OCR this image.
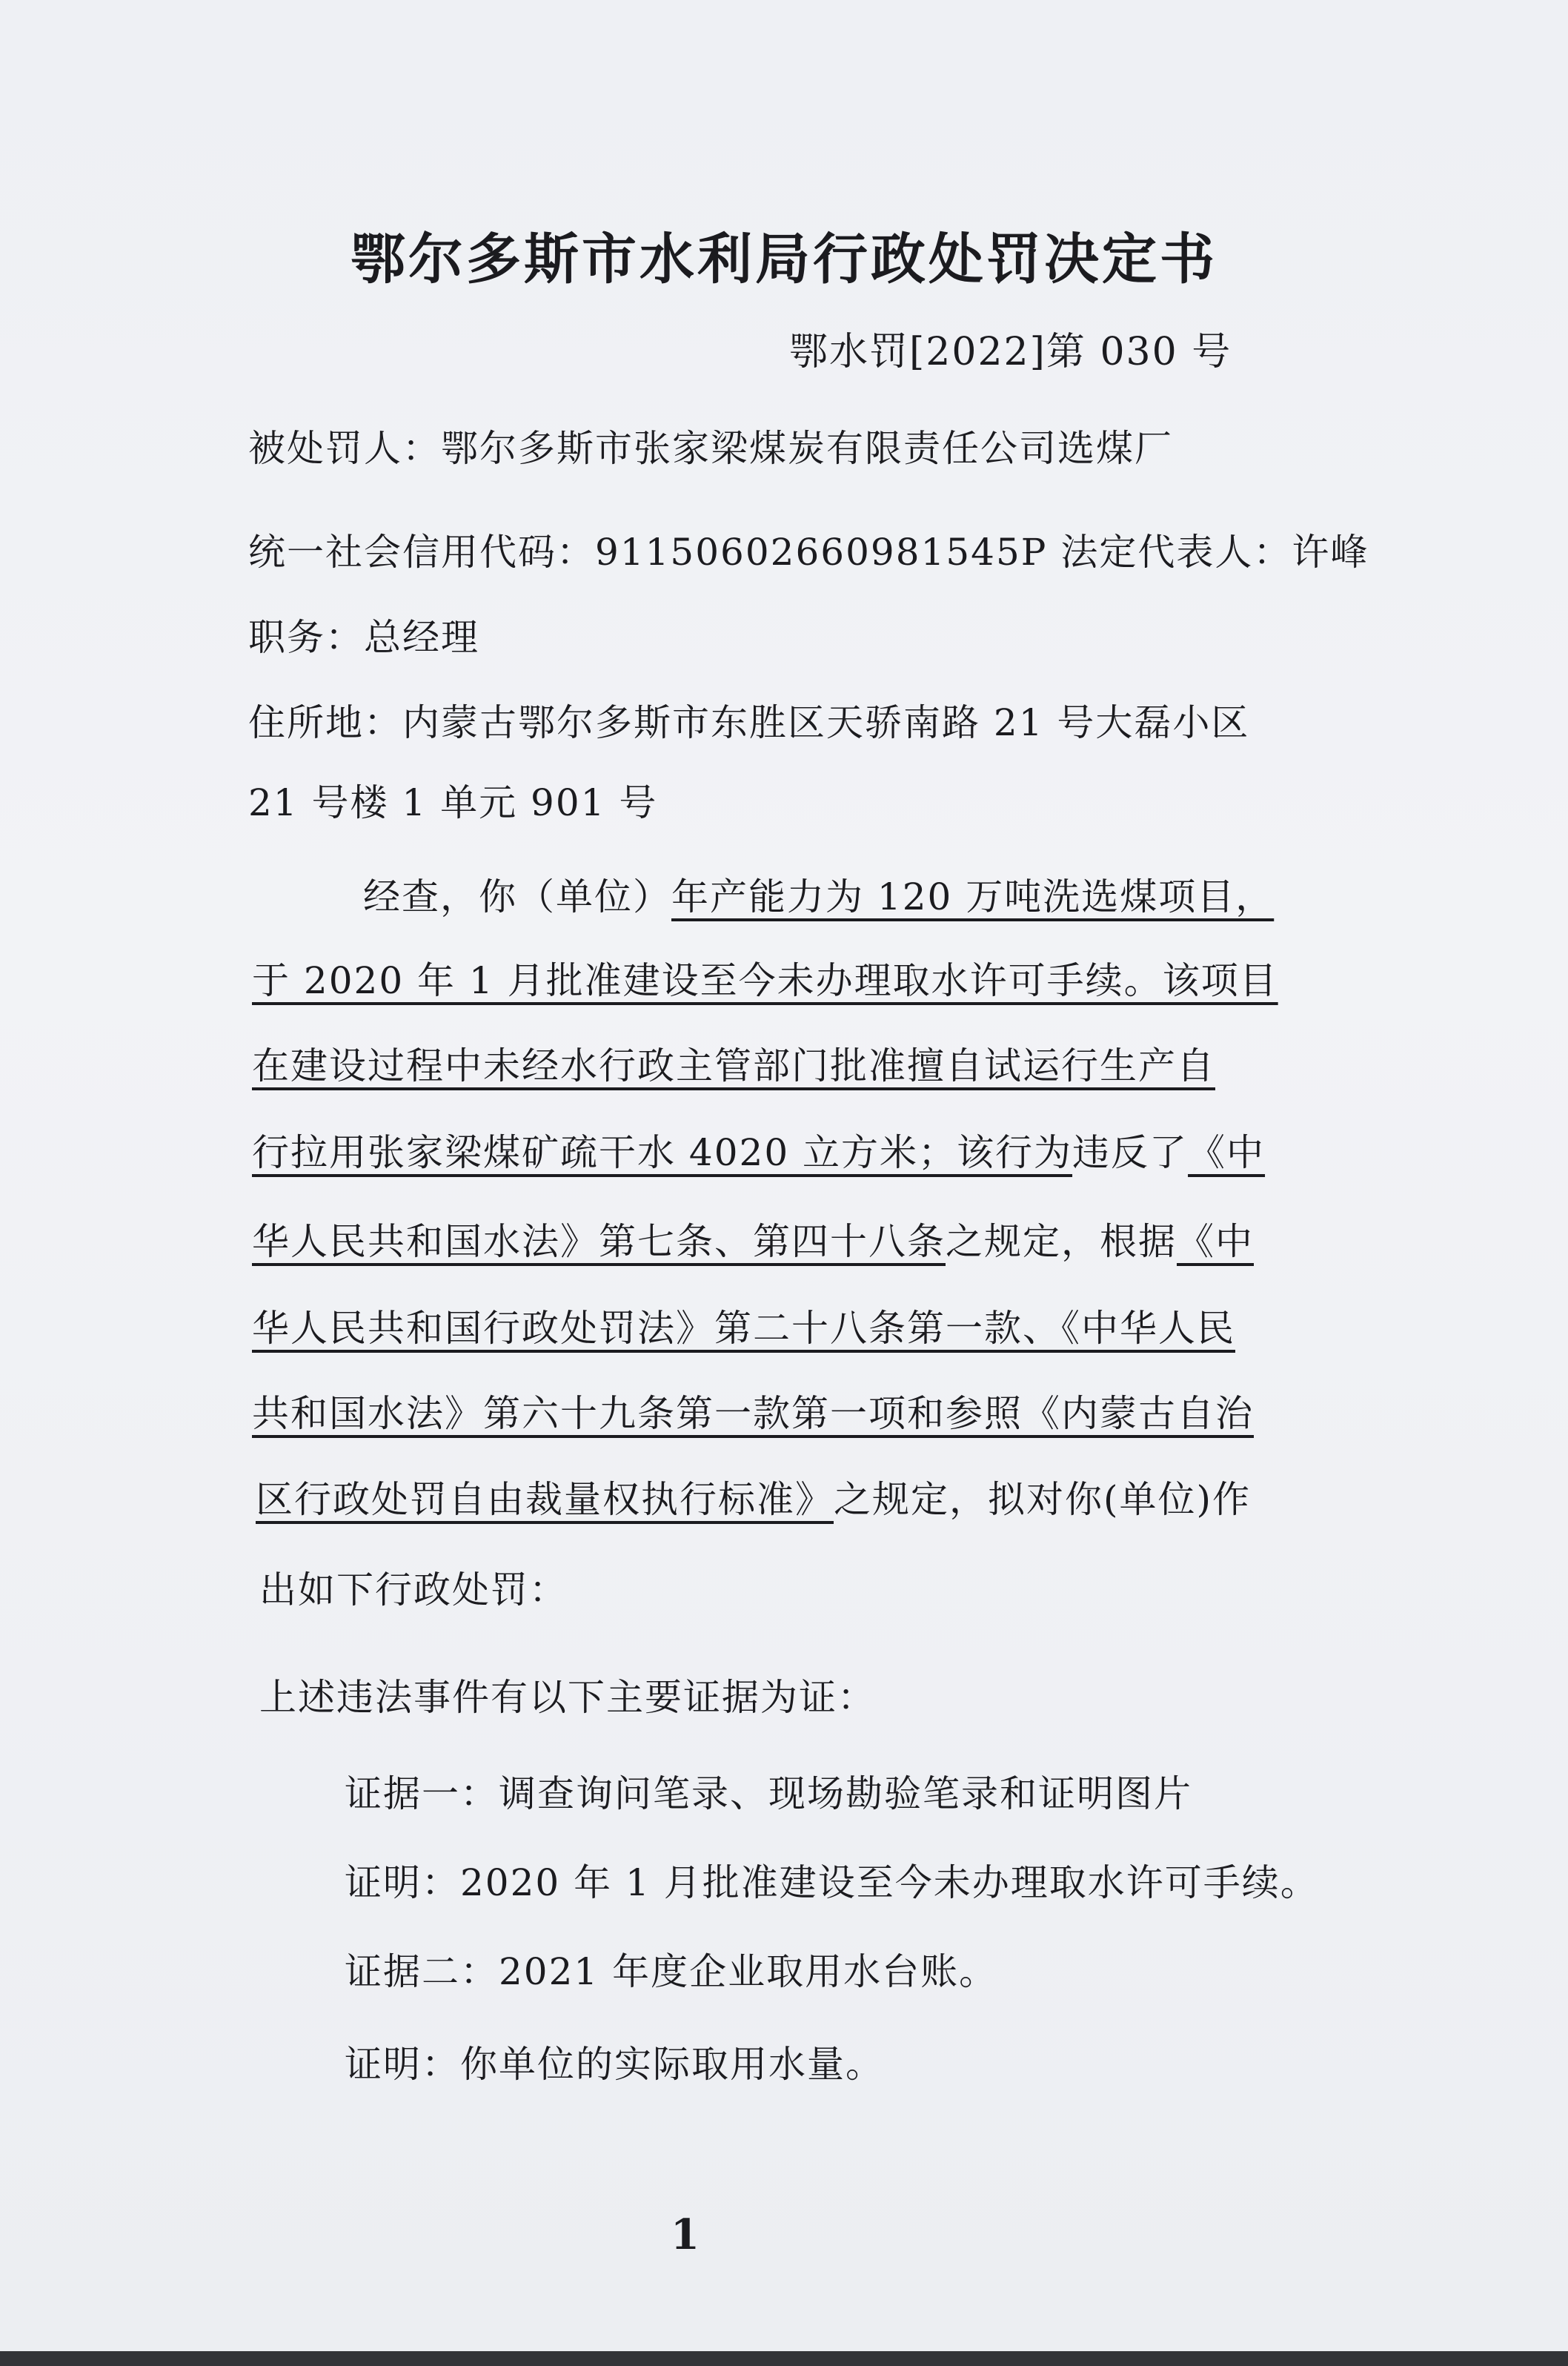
鄂尔多斯市水利局行政处罚决定书
鄂水罚[2022]第 030 号
被处罚人：鄂尔多斯市张家梁煤炭有限责任公司选煤厂
统一社会信用代码：9115060266098154​5P 法定代表人：许峰
职务：总经理
住所地：内蒙古鄂尔多斯市东胜区天骄南路 21 号大磊小区
21 号楼 1 单元 901 号
经查，你（单位）年产能力为 120 万吨洗选煤项目，
于 2020 年 1 月批准建设至今未办理取水许可手续。该项目
在建设过程中未经水行政主管部门批准擅自试运行生产自
行拉用张家梁煤矿疏干水 4020 立方米；该行为违反了《中
华人民共和国水法》第七条、第四十八条之规定，根据《中
华人民共和国行政处罚法》第二十八条第一款、《中华人民
共和国水法》第六十九条第一款第一项和参照《内蒙古自治
区行政处罚自由裁量权执行标准》之规定，拟对你(单位)作
出如下行政处罚：
上述违法事件有以下主要证据为证：
证据一：调查询问笔录、现场勘验笔录和证明图片
证明：2020 年 1 月批准建设至今未办理取水许可手续。
证据二：2021 年度企业取用水台账。
证明：你单位的实际取用水量。
1
